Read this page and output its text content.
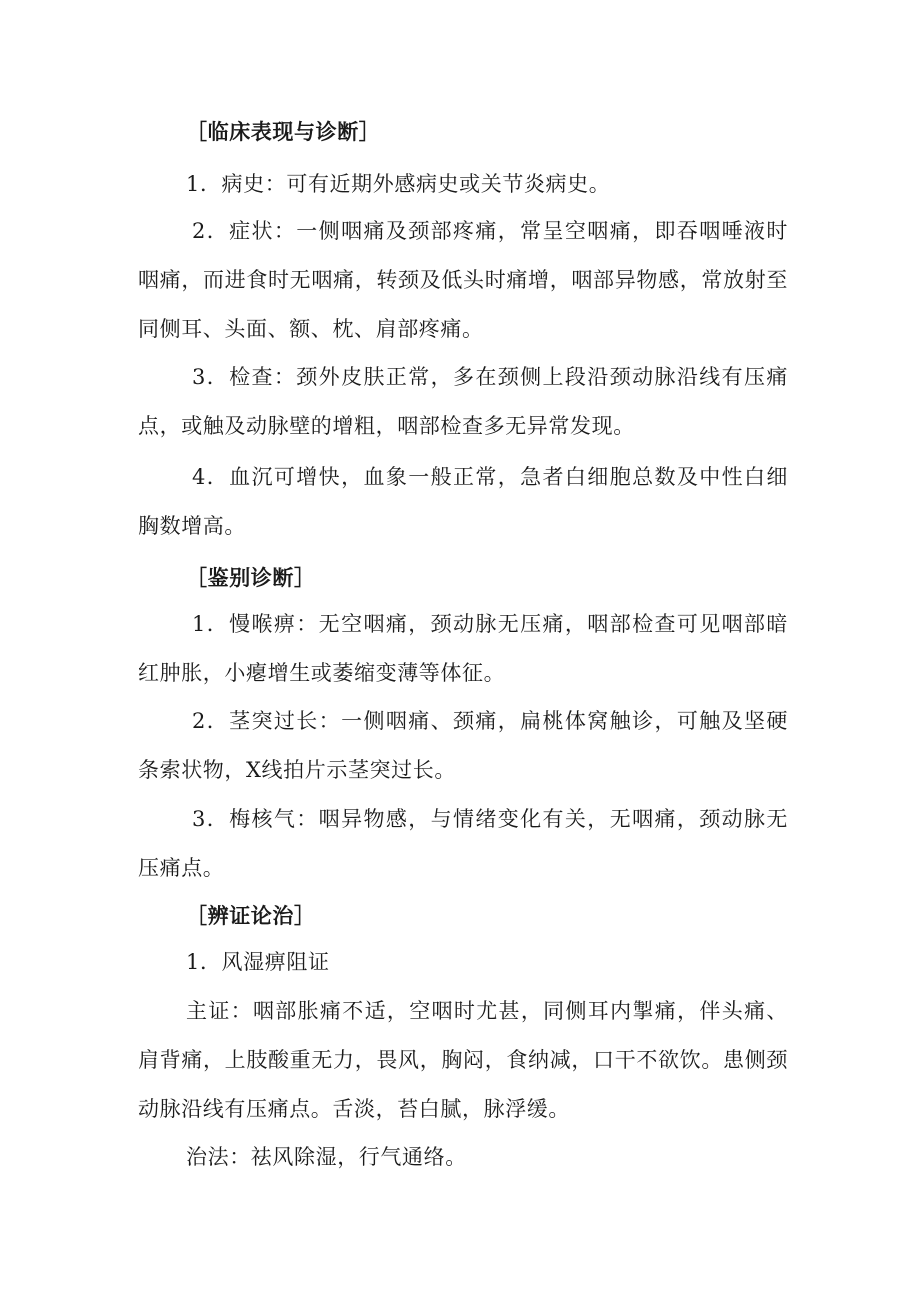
［临床表现与诊断］
1．病史：可有近期外感病史或关节炎病史。
2．症状：一侧咽痛及颈部疼痛，常呈空咽痛，即吞咽唾液时咽痛，而进食时无咽痛，转颈及低头时痛增，咽部异物感，常放射至同侧耳、头面、额、枕、肩部疼痛。
3．检查：颈外皮肤正常，多在颈侧上段沿颈动脉沿线有压痛点，或触及动脉壁的增粗，咽部检查多无异常发现。
4．血沉可增快，血象一般正常，急者白细胞总数及中性白细胸数增高。
［鉴别诊断］
1．慢喉痹：无空咽痛，颈动脉无压痛，咽部检查可见咽部暗红肿胀，小瘪增生或萎缩变薄等体征。
2．茎突过长：一侧咽痛、颈痛，扁桃体窝触诊，可触及坚硬条索状物，X线拍片示茎突过长。
3．梅核气：咽异物感，与情绪变化有关，无咽痛，颈动脉无压痛点。
［辨证论治］
1．风湿痹阻证
主证：咽部胀痛不适，空咽时尤甚，同侧耳内掣痛，伴头痛、肩背痛，上肢酸重无力，畏风，胸闷，食纳减，口干不欲饮。患侧颈动脉沿线有压痛点。舌淡，苔白腻，脉浮缓。
治法：祛风除湿，行气通络。
